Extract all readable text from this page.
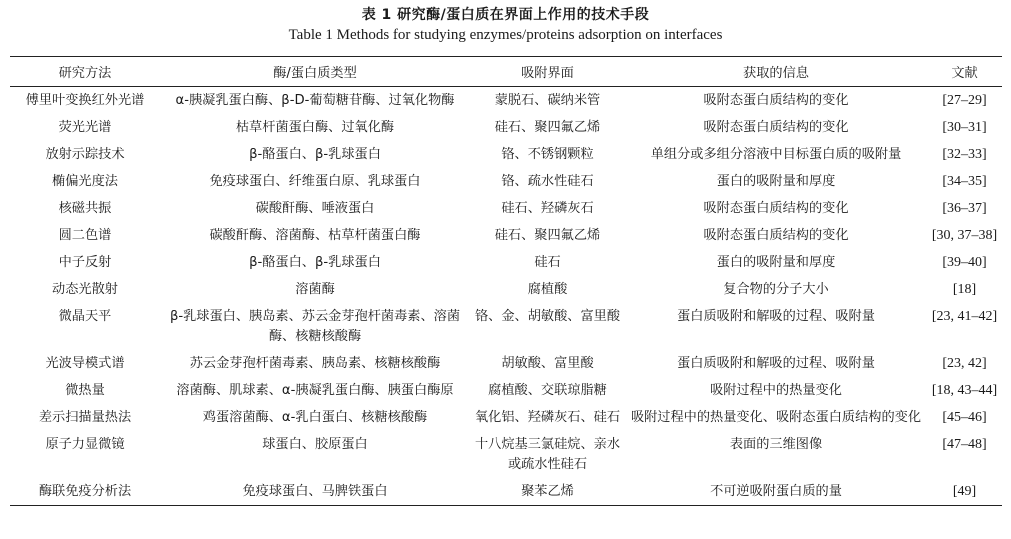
表 1 研究酶/蛋白质在界面上作用的技术手段
Table 1 Methods for studying enzymes/proteins adsorption on interfaces
研究方法	酶/蛋白质类型	吸附界面	获取的信息	文献
傅里叶变换红外光谱	α-胰凝乳蛋白酶、β-D-葡萄糖苷酶、过氧化物酶	蒙脱石、碳纳米管	吸附态蛋白质结构的变化	[27–29]
荧光光谱	枯草杆菌蛋白酶、过氧化酶	硅石、聚四氟乙烯	吸附态蛋白质结构的变化	[30–31]
放射示踪技术	β-酪蛋白、β-乳球蛋白	铬、不锈钢颗粒	单组分或多组分溶液中目标蛋白质的吸附量	[32–33]
椭偏光度法	免疫球蛋白、纤维蛋白原、乳球蛋白	铬、疏水性硅石	蛋白的吸附量和厚度	[34–35]
核磁共振	碳酸酐酶、唾液蛋白	硅石、羟磷灰石	吸附态蛋白质结构的变化	[36–37]
圆二色谱	碳酸酐酶、溶菌酶、枯草杆菌蛋白酶	硅石、聚四氟乙烯	吸附态蛋白质结构的变化	[30, 37–38]
中子反射	β-酪蛋白、β-乳球蛋白	硅石	蛋白的吸附量和厚度	[39–40]
动态光散射	溶菌酶	腐植酸	复合物的分子大小	[18]
微晶天平	β-乳球蛋白、胰岛素、苏云金芽孢杆菌毒素、溶菌酶、核糖核酸酶	铬、金、胡敏酸、富里酸	蛋白质吸附和解吸的过程、吸附量	[23, 41–42]
光波导模式谱	苏云金芽孢杆菌毒素、胰岛素、核糖核酸酶	胡敏酸、富里酸	蛋白质吸附和解吸的过程、吸附量	[23, 42]
微热量	溶菌酶、肌球素、α-胰凝乳蛋白酶、胰蛋白酶原	腐植酸、交联琼脂糖	吸附过程中的热量变化	[18, 43–44]
差示扫描量热法	鸡蛋溶菌酶、α-乳白蛋白、核糖核酸酶	氧化铝、羟磷灰石、硅石	吸附过程中的热量变化、吸附态蛋白质结构的变化	[45–46]
原子力显微镜	球蛋白、胶原蛋白	十八烷基三氯硅烷、亲水或疏水性硅石	表面的三维图像	[47–48]
酶联免疫分析法	免疫球蛋白、马脾铁蛋白	聚苯乙烯	不可逆吸附蛋白质的量	[49]
